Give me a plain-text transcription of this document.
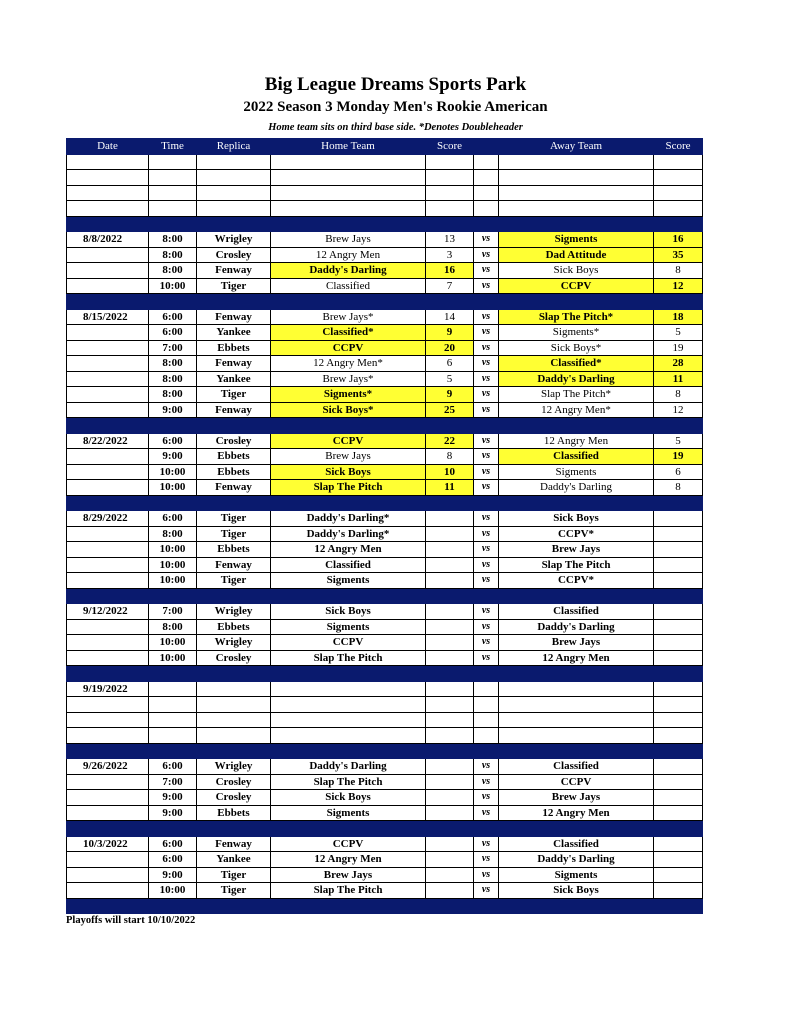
Big League Dreams Sports Park
2022 Season 3 Monday Men's Rookie American
Home team sits on third base side. *Denotes Doubleheader
Date	Time	Replica	Home Team	Score		Away Team	Score

8/8/2022	8:00	Wrigley	Brew Jays	13	vs	Sigments	16
	8:00	Crosley	12 Angry Men	3	vs	Dad Attitude	35
	8:00	Fenway	Daddy's Darling	16	vs	Sick Boys	8
	10:00	Tiger	Classified	7	vs	CCPV	12

8/15/2022	6:00	Fenway	Brew Jays*	14	vs	Slap The Pitch*	18
	6:00	Yankee	Classified*	9	vs	Sigments*	5
	7:00	Ebbets	CCPV	20	vs	Sick Boys*	19
	8:00	Fenway	12 Angry Men*	6	vs	Classified*	28
	8:00	Yankee	Brew Jays*	5	vs	Daddy's Darling	11
	8:00	Tiger	Sigments*	9	vs	Slap The Pitch*	8
	9:00	Fenway	Sick Boys*	25	vs	12 Angry Men*	12

8/22/2022	6:00	Crosley	CCPV	22	vs	12 Angry Men	5
	9:00	Ebbets	Brew Jays	8	vs	Classified	19
	10:00	Ebbets	Sick Boys	10	vs	Sigments	6
	10:00	Fenway	Slap The Pitch	11	vs	Daddy's Darling	8

8/29/2022	6:00	Tiger	Daddy's Darling*		vs	Sick Boys	
	8:00	Tiger	Daddy's Darling*		vs	CCPV*	
	10:00	Ebbets	12 Angry Men		vs	Brew Jays	
	10:00	Fenway	Classified		vs	Slap The Pitch	
	10:00	Tiger	Sigments		vs	CCPV*	

9/12/2022	7:00	Wrigley	Sick Boys		vs	Classified	
	8:00	Ebbets	Sigments		vs	Daddy's Darling	
	10:00	Wrigley	CCPV		vs	Brew Jays	
	10:00	Crosley	Slap The Pitch		vs	12 Angry Men	

9/19/2022							

9/26/2022	6:00	Wrigley	Daddy's Darling		vs	Classified	
	7:00	Crosley	Slap The Pitch		vs	CCPV	
	9:00	Crosley	Sick Boys		vs	Brew Jays	
	9:00	Ebbets	Sigments		vs	12 Angry Men	

10/3/2022	6:00	Fenway	CCPV		vs	Classified	
	6:00	Yankee	12 Angry Men		vs	Daddy's Darling	
	9:00	Tiger	Brew Jays		vs	Sigments	
	10:00	Tiger	Slap The Pitch		vs	Sick Boys	

Playoffs will start 10/10/2022
